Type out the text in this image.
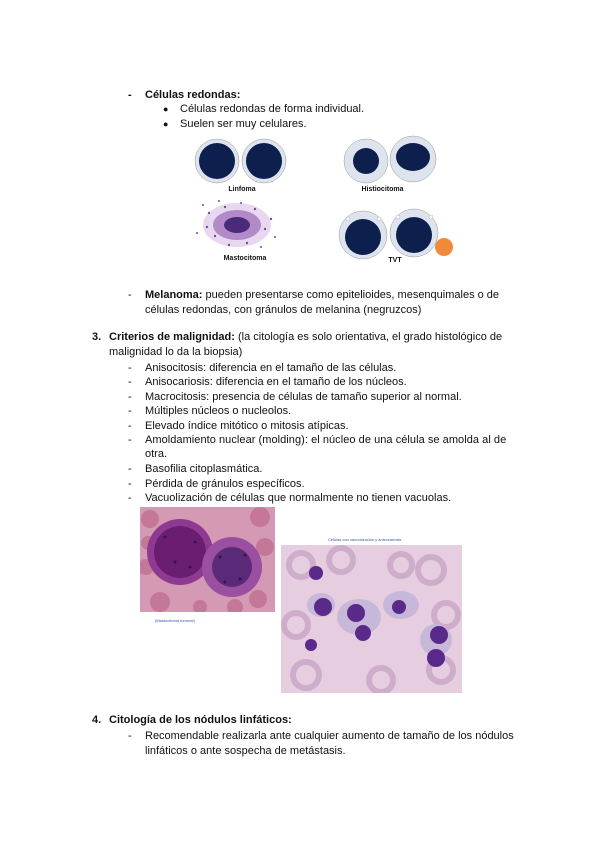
- Células redondas:
● Células redondas de forma individual.
● Suelen ser muy celulares.
Linfoma	Histiocitoma
Mastocitoma	TVT
- Melanoma: pueden presentarse como epitelioides, mesenquimales o de
células redondas, con gránulos de melanina (negruzcos)
3. Criterios de malignidad: (la citología es solo orientativa, el grado histológico de
malignidad lo da la biopsia)
- Anisocitosis: diferencia en el tamaño de las células.
- Anisocariosis: diferencia en el tamaño de los núcleos.
- Macrocitosis: presencia de células de tamaño superior al normal.
- Múltiples núcleos o nucleolos.
- Elevado índice mitótico o mitosis atípicas.
- Amoldamiento nuclear (molding): el núcleo de una célula se amolda al de
otra.
- Basofilia citoplasmática.
- Pérdida de gránulos específicos.
- Vacuolización de células que normalmente no tienen vacuolas.
(Mastocitoma tumoral)
Células con vacuolización y anisocariosis
4. Citología de los nódulos linfáticos:
- Recomendable realizarla ante cualquier aumento de tamaño de los nódulos
linfáticos o ante sospecha de metástasis.
